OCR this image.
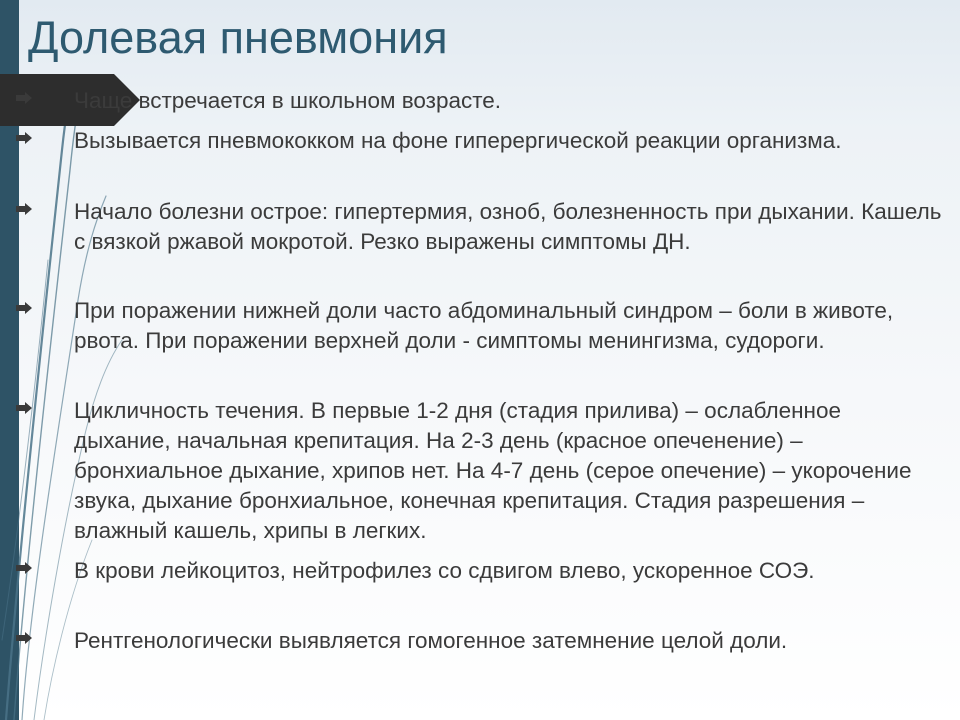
Долевая пневмония
Чаще встречается в школьном возрасте.
Вызывается пневмококком на фоне гиперергической реакции организма.
Начало болезни острое: гипертермия, озноб, болезненность при дыхании. Кашель с вязкой ржавой мокротой. Резко выражены симптомы ДН.
При поражении нижней доли часто абдоминальный синдром – боли в животе, рвота. При поражении верхней доли - симптомы менингизма, судороги.
Цикличность течения. В первые 1-2 дня (стадия прилива) – ослабленное дыхание, начальная крепитация. На 2-3 день (красное опеченение) – бронхиальное дыхание, хрипов нет. На 4-7 день (серое опечение) – укорочение звука, дыхание бронхиальное, конечная крепитация. Стадия разрешения – влажный кашель, хрипы в легких.
В крови лейкоцитоз, нейтрофилез со сдвигом влево, ускоренное СОЭ.
Рентгенологически выявляется гомогенное затемнение целой доли.
